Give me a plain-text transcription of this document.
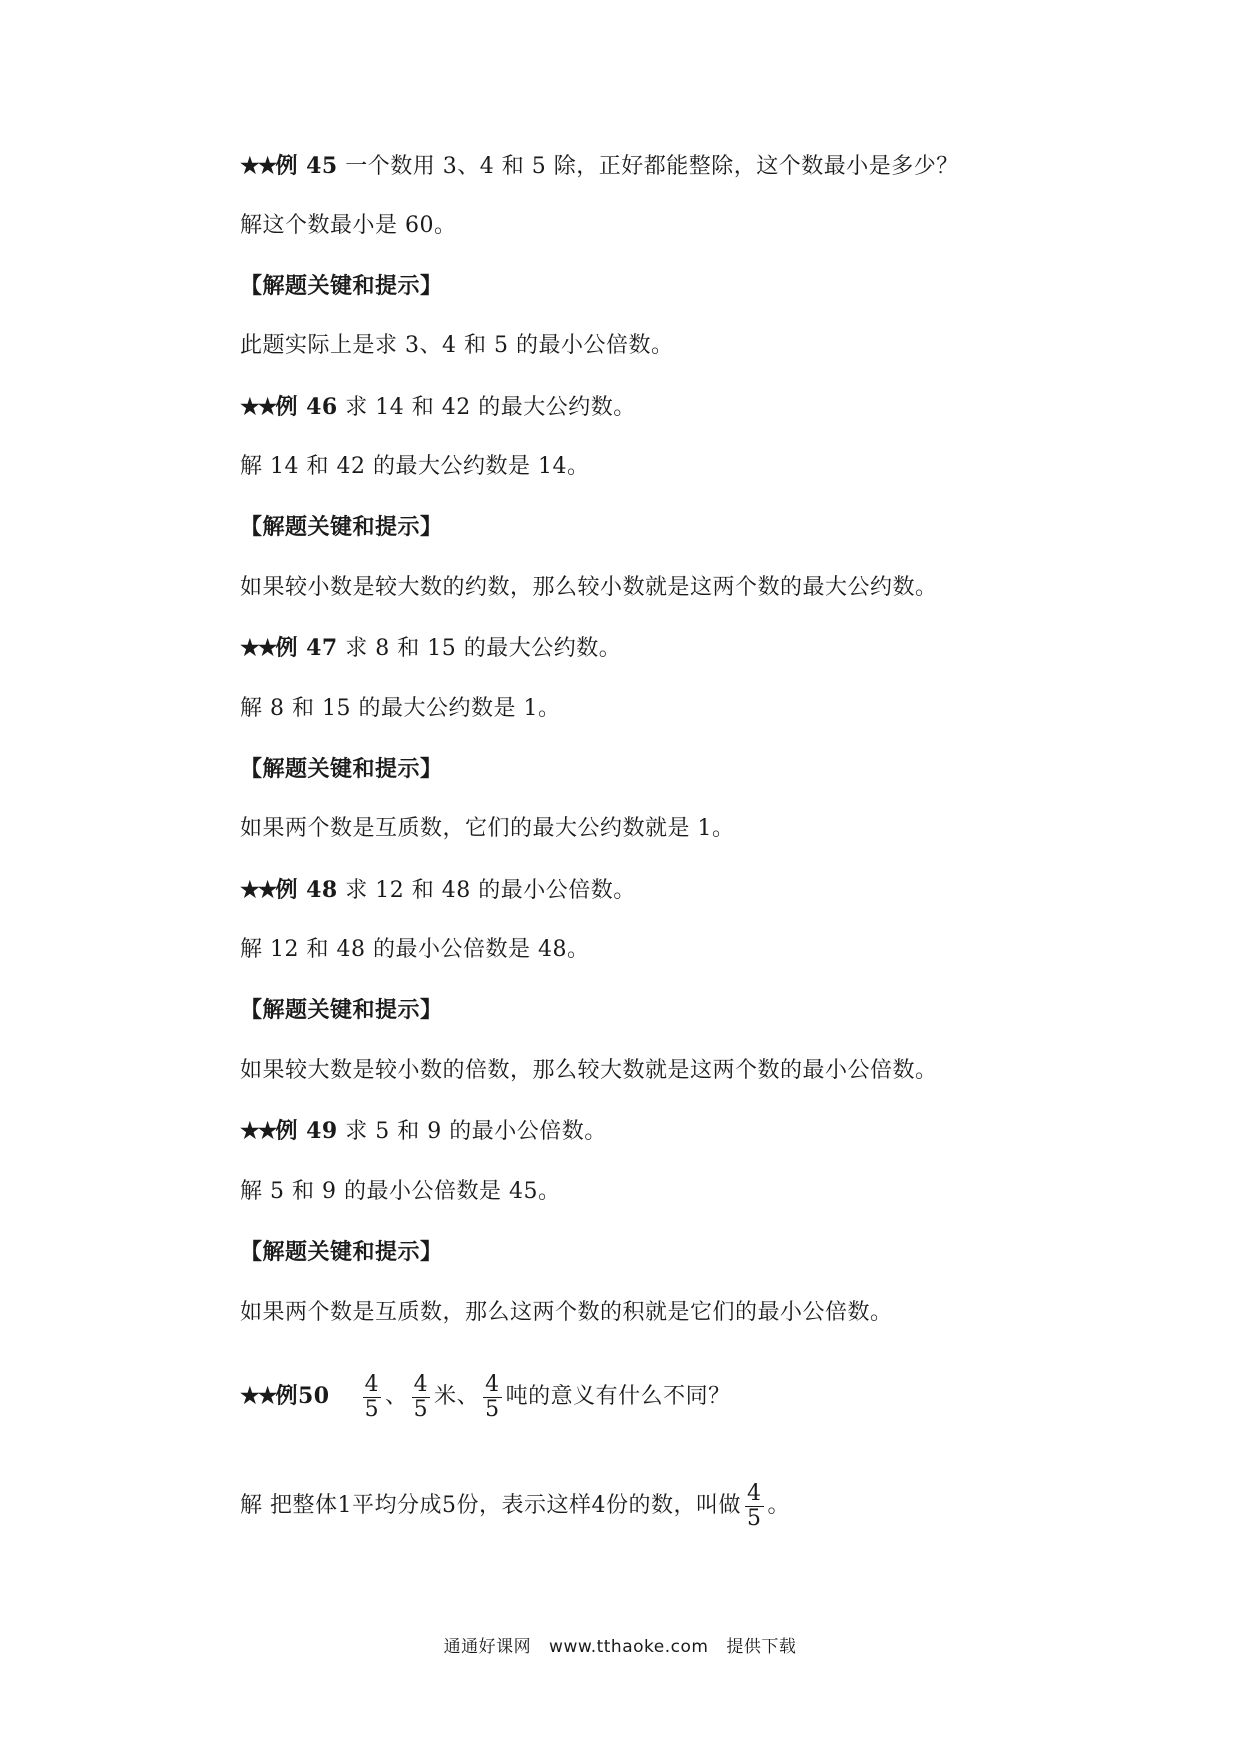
★★例 45 一个数用 3、4 和 5 除，正好都能整除，这个数最小是多少？
解这个数最小是 60。
【解题关键和提示】
此题实际上是求 3、4 和 5 的最小公倍数。
★★例 46 求 14 和 42 的最大公约数。
解 14 和 42 的最大公约数是 14。
【解题关键和提示】
如果较小数是较大数的约数，那么较小数就是这两个数的最大公约数。
★★例 47 求 8 和 15 的最大公约数。
解 8 和 15 的最大公约数是 1。
【解题关键和提示】
如果两个数是互质数，它们的最大公约数就是 1。
★★例 48 求 12 和 48 的最小公倍数。
解 12 和 48 的最小公倍数是 48。
【解题关键和提示】
如果较大数是较小数的倍数，那么较大数就是这两个数的最小公倍数。
★★例 49 求 5 和 9 的最小公倍数。
解 5 和 9 的最小公倍数是 45。
【解题关键和提示】
如果两个数是互质数，那么这两个数的积就是它们的最小公倍数。
★★例$50 \frac{4}{5}$ 、 $\frac{4}{5}$ 米、 $\frac{4}{5}$ 吨的意义有什么不同？
解 把整体1平均分成5份，表示这样4份的数，叫做 $\frac{4}{5}$ 。
通通好课网 www.tthaoke.com 提供下载
